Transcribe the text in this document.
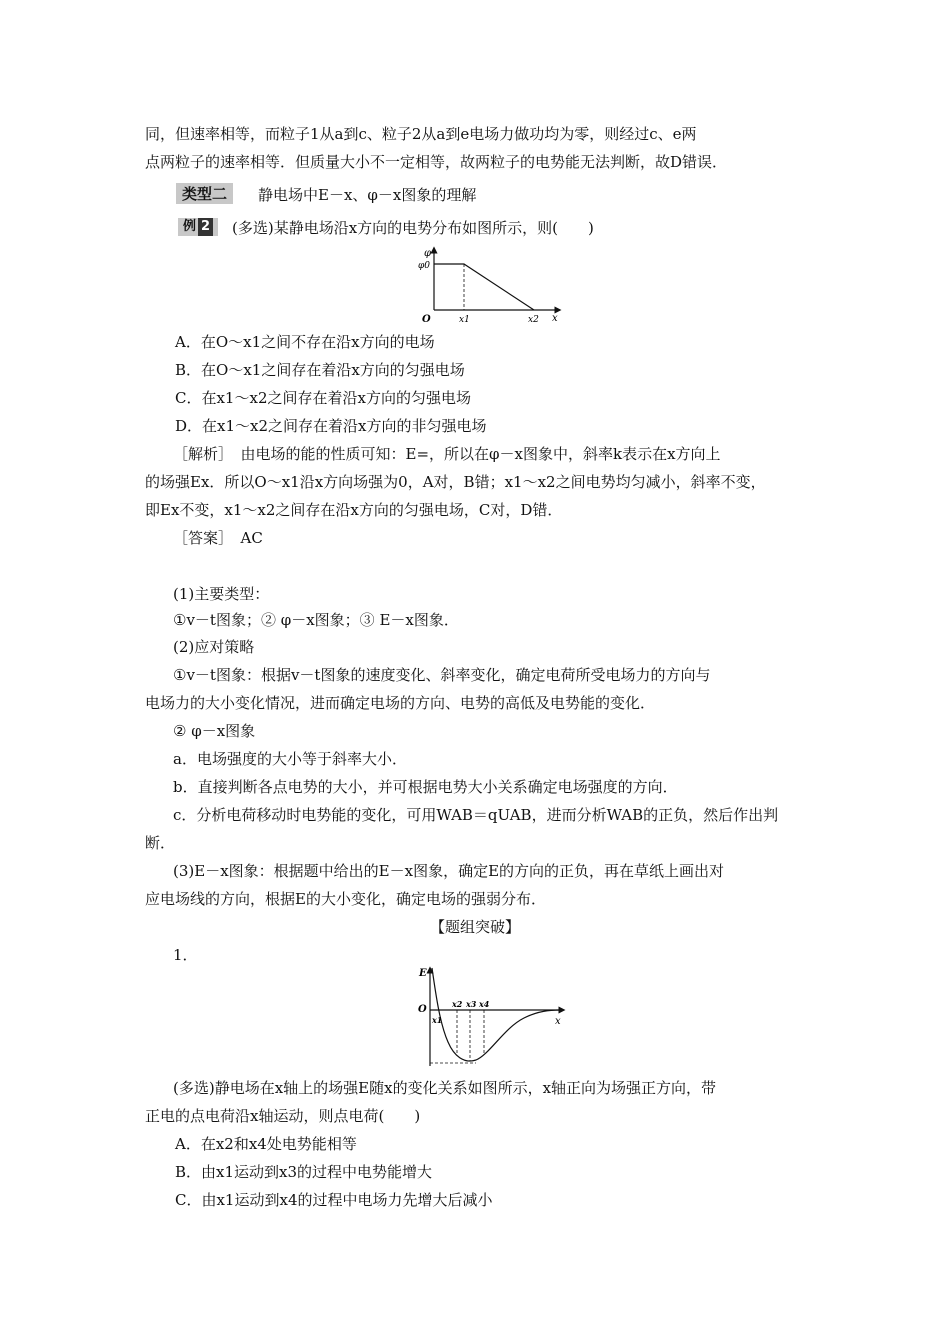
同，但速率相等，而粒子1从a到c、粒子2从a到e电场力做功均为零，则经过c、e两
点两粒子的速率相等．但质量大小不一定相等，故两粒子的电势能无法判断，故D错误．
类型二	静电场中E－x、φ－x图象的理解
例 2	(多选)某静电场沿x方向的电势分布如图所示，则(　　)
φ
φ0
O	x1	x2 x
A．在O～x1之间不存在沿x方向的电场
B．在O～x1之间存在着沿x方向的匀强电场
C．在x1～x2之间存在着沿x方向的匀强电场
D．在x1～x2之间存在着沿x方向的非匀强电场
［解析］　由电场的能的性质可知：E=，所以在φ－x图象中，斜率k表示在x方向上
的场强Ex．所以O～x1沿x方向场强为0，A对，B错；x1～x2之间电势均匀减小，斜率不变，
即Ex不变，x1～x2之间存在沿x方向的匀强电场，C对，D错．
［答案］　AC
(1)主要类型：
①v－t图象；② φ－x图象；③ E－x图象．
(2)应对策略
①v－t图象：根据v－t图象的速度变化、斜率变化，确定电荷所受电场力的方向与
电场力的大小变化情况，进而确定电场的方向、电势的高低及电势能的变化．
② φ－x图象
a．电场强度的大小等于斜率大小．
b．直接判断各点电势的大小，并可根据电势大小关系确定电场强度的方向．
c．分析电荷移动时电势能的变化，可用WAB＝qUAB，进而分析WAB的正负，然后作出判
断．
(3)E－x图象：根据题中给出的E－x图象，确定E的方向的正负，再在草纸上画出对
应电场线的方向，根据E的大小变化，确定电场的强弱分布．
【题组突破】
1．
E
O
x1
x2 x3 x4
x
(多选)静电场在x轴上的场强E随x的变化关系如图所示，x轴正向为场强正方向，带
正电的点电荷沿x轴运动，则点电荷(　　)
A．在x2和x4处电势能相等
B．由x1运动到x3的过程中电势能增大
C．由x1运动到x4的过程中电场力先增大后减小
